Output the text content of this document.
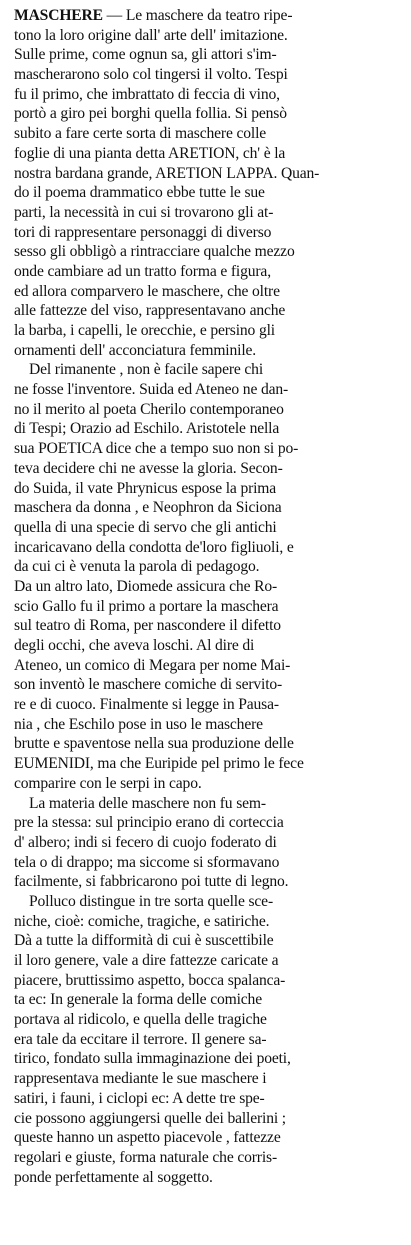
MASCHERE — Le maschere da teatro ripe-
tono la loro origine dall' arte dell' imitazione.
Sulle prime, come ognun sa, gli attori s'im-
mascherarono solo col tingersi il volto. Tespi
fu il primo, che imbrattato di feccia di vino,
portò a giro pei borghi quella follia. Si pensò
subito a fare certe sorta di maschere colle
foglie di una pianta detta ARETION, ch' è la
nostra bardana grande, ARETION LAPPA. Quan-
do il poema drammatico ebbe tutte le sue
parti, la necessità in cui si trovarono gli at-
tori di rappresentare personaggi di diverso
sesso gli obbligò a rintracciare qualche mezzo
onde cambiare ad un tratto forma e figura,
ed allora comparvero le maschere, che oltre
alle fattezze del viso, rappresentavano anche
la barba, i capelli, le orecchie, e persino gli
ornamenti dell' acconciatura femminile.
Del rimanente , non è facile sapere chi
ne fosse l'inventore. Suida ed Ateneo ne dan-
no il merito al poeta Cherilo contemporaneo
di Tespi; Orazio ad Eschilo. Aristotele nella
sua POETICA dice che a tempo suo non si po-
teva decidere chi ne avesse la gloria. Secon-
do Suida, il vate Phrynicus espose la prima
maschera da donna , e Neophron da Siciona
quella di una specie di servo che gli antichi
incaricavano della condotta de'loro figliuoli, e
da cui ci è venuta la parola di pedagogo.
Da un altro lato, Diomede assicura che Ro-
scio Gallo fu il primo a portare la maschera
sul teatro di Roma, per nascondere il difetto
degli occhi, che aveva loschi. Al dire di
Ateneo, un comico di Megara per nome Mai-
son inventò le maschere comiche di servito-
re e di cuoco. Finalmente si legge in Pausa-
nia , che Eschilo pose in uso le maschere
brutte e spaventose nella sua produzione delle
EUMENIDI, ma che Euripide pel primo le fece
comparire con le serpi in capo.
La materia delle maschere non fu sem-
pre la stessa: sul principio erano di corteccia
d' albero; indi si fecero di cuojo foderato di
tela o di drappo; ma siccome si sformavano
facilmente, si fabbricarono poi tutte di legno.
Polluco distingue in tre sorta quelle sce-
niche, cioè: comiche, tragiche, e satiriche.
Dà a tutte la difformità di cui è suscettibile
il loro genere, vale a dire fattezze caricate a
piacere, bruttissimo aspetto, bocca spalanca-
ta ec: In generale la forma delle comiche
portava al ridicolo, e quella delle tragiche
era tale da eccitare il terrore. Il genere sa-
tirico, fondato sulla immaginazione dei poeti,
rappresentava mediante le sue maschere i
satiri, i fauni, i ciclopi ec: A dette tre spe-
cie possono aggiungersi quelle dei ballerini ;
queste hanno un aspetto piacevole , fattezze
regolari e giuste, forma naturale che corris-
ponde perfettamente al soggetto.
